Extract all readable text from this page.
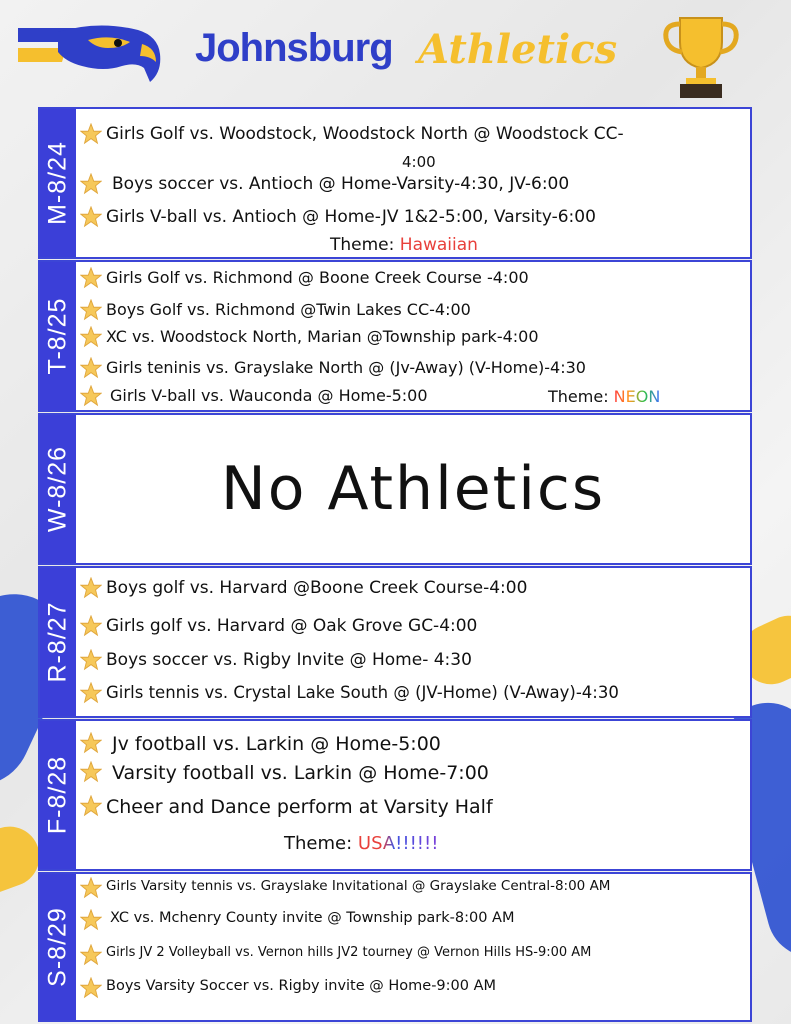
Johnsburg Athletics
M-8/24
Girls Golf vs. Woodstock, Woodstock North @ Woodstock CC-
4:00
Boys soccer vs. Antioch @ Home-Varsity-4:30, JV-6:00
Girls V-ball vs. Antioch @ Home-JV 1&2-5:00, Varsity-6:00
Theme: Hawaiian
T-8/25
Girls Golf vs. Richmond @ Boone Creek Course -4:00
Boys Golf vs. Richmond @Twin Lakes CC-4:00
XC vs. Woodstock North, Marian @Township park-4:00
Girls teninis vs. Grayslake North @ (Jv-Away) (V-Home)-4:30
Girls V-ball vs. Wauconda @ Home-5:00	Theme: NEON
W-8/26	No Athletics
R-8/27
Boys golf vs. Harvard @Boone Creek Course-4:00
Girls golf vs. Harvard @ Oak Grove GC-4:00
Boys soccer vs. Rigby Invite @ Home- 4:30
Girls tennis vs. Crystal Lake South @ (JV-Home) (V-Away)-4:30
F-8/28
Jv football vs. Larkin @ Home-5:00
Varsity football vs. Larkin @ Home-7:00
Cheer and Dance perform at Varsity Half
Theme: USA!!!!!!
S-8/29
Girls Varsity tennis vs. Grayslake Invitational @ Grayslake Central-8:00 AM
XC vs. Mchenry County invite @ Township park-8:00 AM
Girls JV 2 Volleyball vs. Vernon hills JV2 tourney @ Vernon Hills HS-9:00 AM
Boys Varsity Soccer vs. Rigby invite @ Home-9:00 AM
